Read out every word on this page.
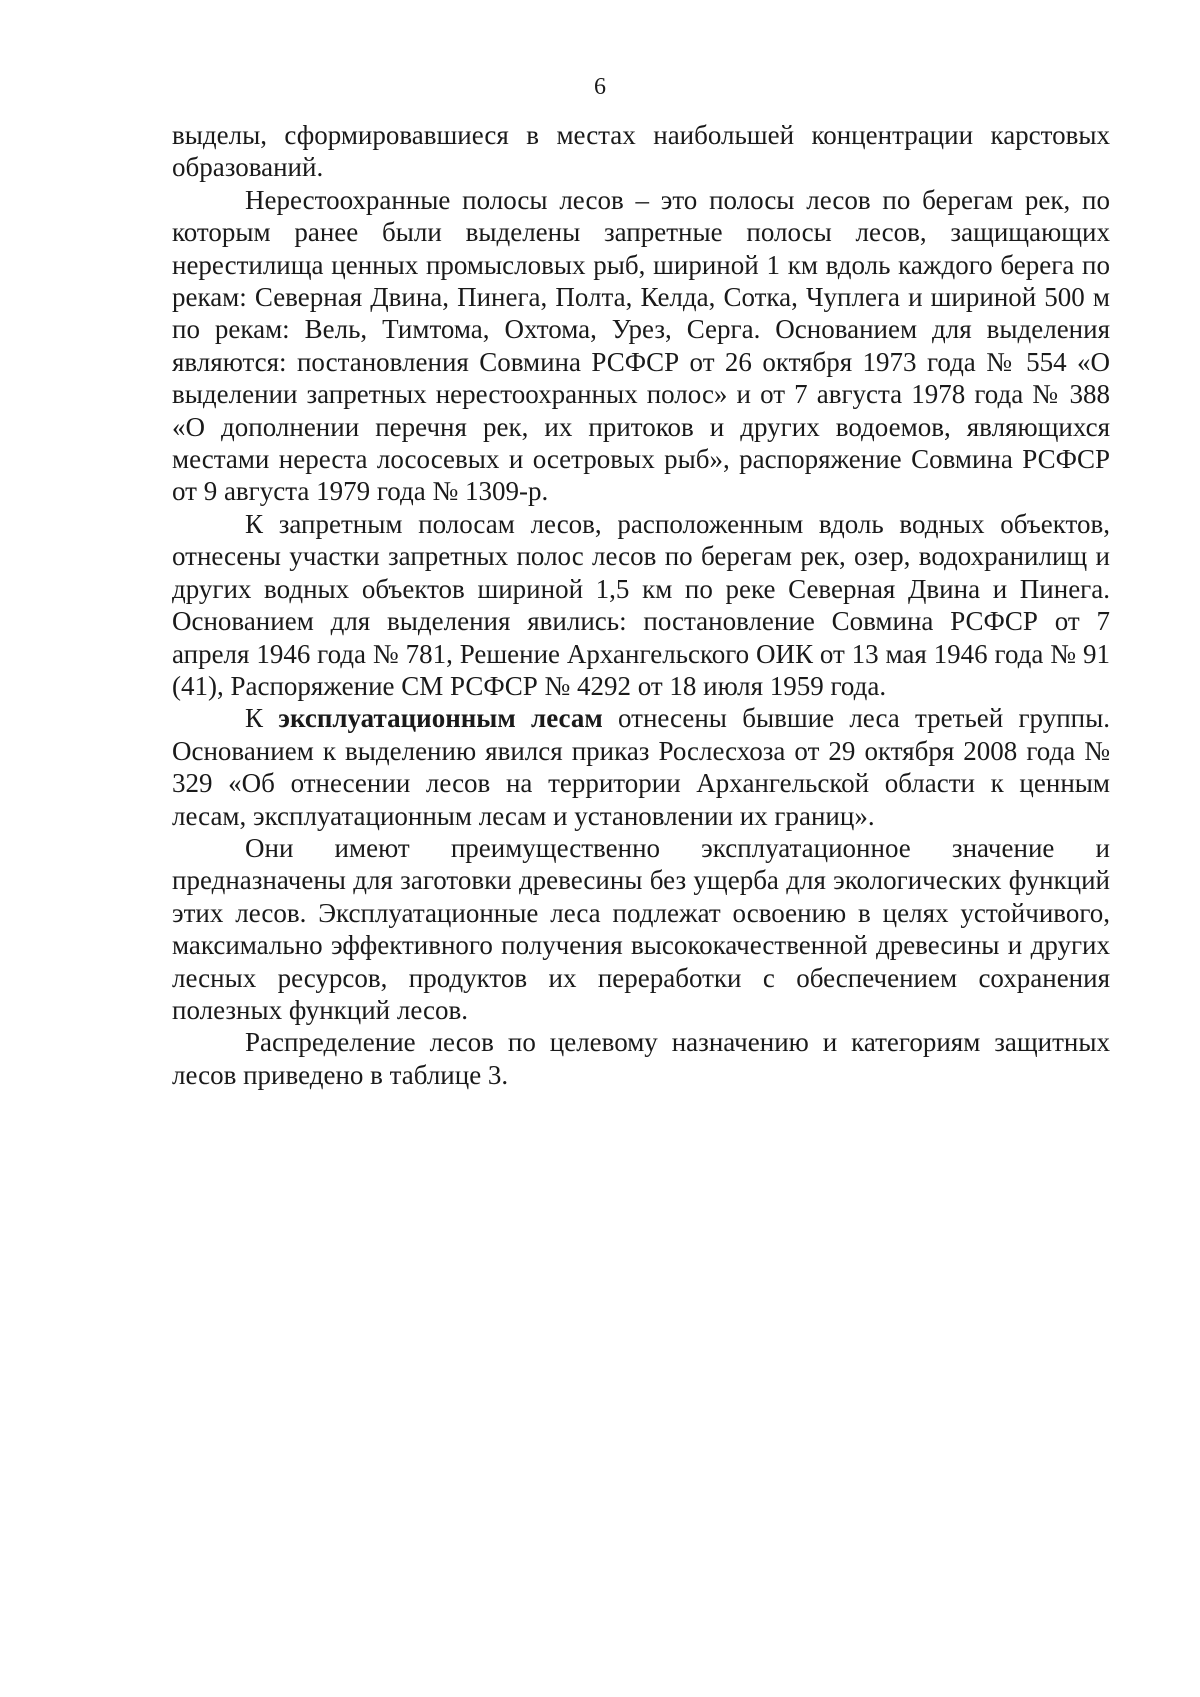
6

выделы, сформировавшиеся в местах наибольшей концентрации карстовых образований.

Нерестоохранные полосы лесов – это полосы лесов по берегам рек, по которым ранее были выделены запретные полосы лесов, защищающих нерестилища ценных промысловых рыб, шириной 1 км вдоль каждого берега по рекам: Северная Двина, Пинега, Полта, Келда, Сотка, Чуплега и шириной 500 м по рекам: Вель, Тимтома, Охтома, Урез, Серга. Основанием для выделения являются: постановления Совмина РСФСР от 26 октября 1973 года № 554 «О выделении запретных нерестоохранных полос» и от 7 августа 1978 года № 388 «О дополнении перечня рек, их притоков и других водоемов, являющихся местами нереста лососевых и осетровых рыб», распоряжение Совмина РСФСР от 9 августа 1979 года № 1309-р.

К запретным полосам лесов, расположенным вдоль водных объектов, отнесены участки запретных полос лесов по берегам рек, озер, водохранилищ и других водных объектов шириной 1,5 км по реке Северная Двина и Пинега. Основанием для выделения явились: постановление Совмина РСФСР от 7 апреля 1946 года № 781, Решение Архангельского ОИК от 13 мая 1946 года № 91 (41), Распоряжение СМ РСФСР № 4292 от 18 июля 1959 года.

К эксплуатационным лесам отнесены бывшие леса третьей группы. Основанием к выделению явился приказ Рослесхоза от 29 октября 2008 года № 329 «Об отнесении лесов на территории Архангельской области к ценным лесам, эксплуатационным лесам и установлении их границ».

Они имеют преимущественно эксплуатационное значение и предназначены для заготовки древесины без ущерба для экологических функций этих лесов. Эксплуатационные леса подлежат освоению в целях устойчивого, максимально эффективного получения высококачественной древесины и других лесных ресурсов, продуктов их переработки с обеспечением сохранения полезных функций лесов.

Распределение лесов по целевому назначению и категориям защитных лесов приведено в таблице 3.
